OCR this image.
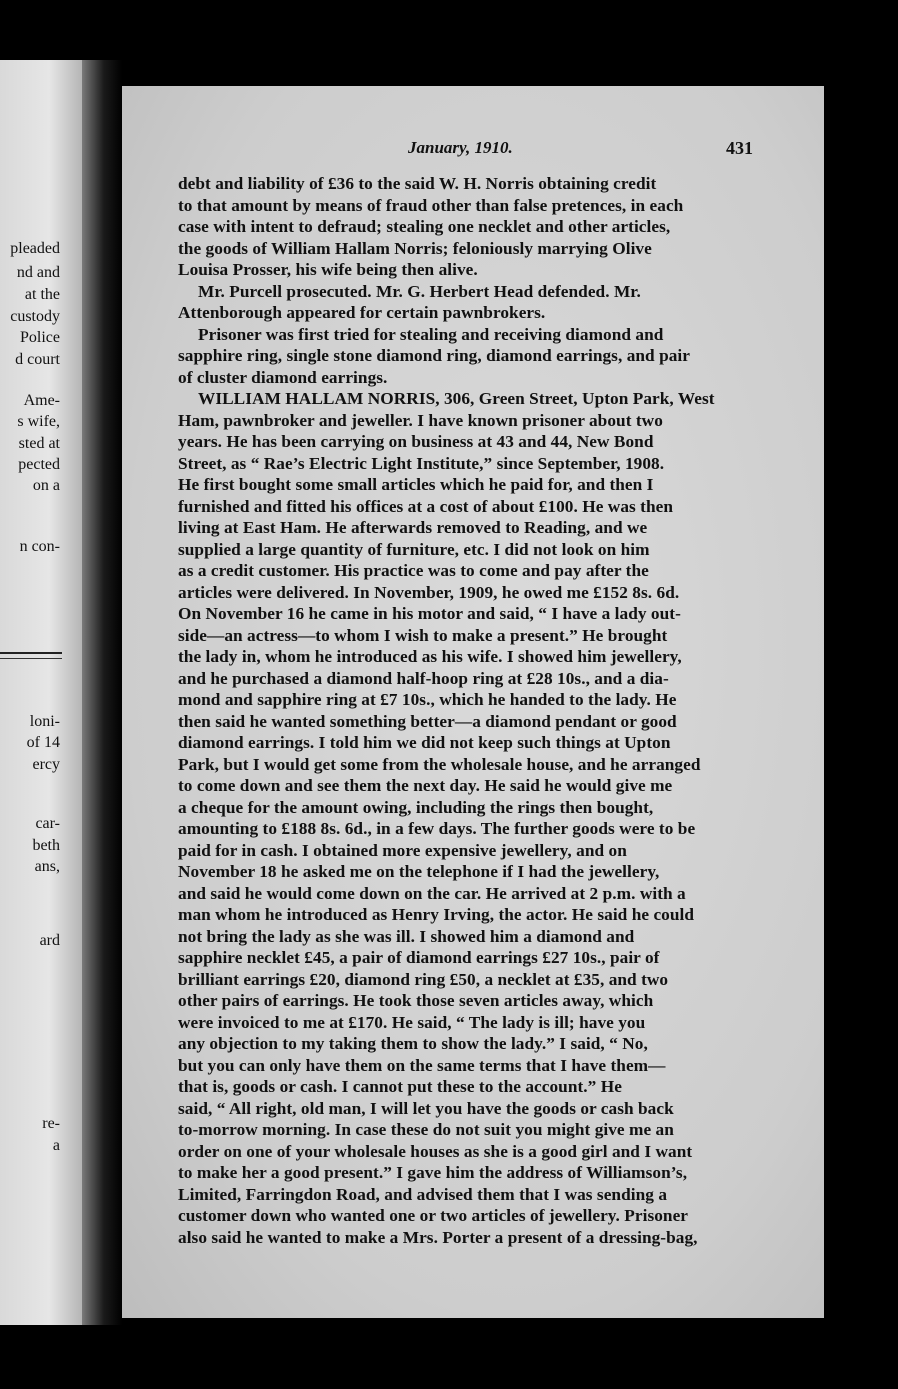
pleaded
nd and
at the
custody
Police
d court
Ame-
s wife,
sted at
pected
on a
n con-
loni-
of 14
ercy
car-
beth
ans,
ard
re-
a
January, 1910.	431
debt and liability of £36 to the said W. H. Norris obtaining credit
to that amount by means of fraud other than false pretences, in each
case with intent to defraud; stealing one necklet and other articles,
the goods of William Hallam Norris; feloniously marrying Olive
Louisa Prosser, his wife being then alive.
Mr. Purcell prosecuted. Mr. G. Herbert Head defended. Mr.
Attenborough appeared for certain pawnbrokers.
Prisoner was first tried for stealing and receiving diamond and
sapphire ring, single stone diamond ring, diamond earrings, and pair
of cluster diamond earrings.
WILLIAM HALLAM NORRIS, 306, Green Street, Upton Park, West
Ham, pawnbroker and jeweller. I have known prisoner about two
years. He has been carrying on business at 43 and 44, New Bond
Street, as “ Rae’s Electric Light Institute,” since September, 1908.
He first bought some small articles which he paid for, and then I
furnished and fitted his offices at a cost of about £100. He was then
living at East Ham. He afterwards removed to Reading, and we
supplied a large quantity of furniture, etc. I did not look on him
as a credit customer. His practice was to come and pay after the
articles were delivered. In November, 1909, he owed me £152 8s. 6d.
On November 16 he came in his motor and said, “ I have a lady out-
side—an actress—to whom I wish to make a present.” He brought
the lady in, whom he introduced as his wife. I showed him jewellery,
and he purchased a diamond half-hoop ring at £28 10s., and a dia-
mond and sapphire ring at £7 10s., which he handed to the lady. He
then said he wanted something better—a diamond pendant or good
diamond earrings. I told him we did not keep such things at Upton
Park, but I would get some from the wholesale house, and he arranged
to come down and see them the next day. He said he would give me
a cheque for the amount owing, including the rings then bought,
amounting to £188 8s. 6d., in a few days. The further goods were to be
paid for in cash. I obtained more expensive jewellery, and on
November 18 he asked me on the telephone if I had the jewellery,
and said he would come down on the car. He arrived at 2 p.m. with a
man whom he introduced as Henry Irving, the actor. He said he could
not bring the lady as she was ill. I showed him a diamond and
sapphire necklet £45, a pair of diamond earrings £27 10s., pair of
brilliant earrings £20, diamond ring £50, a necklet at £35, and two
other pairs of earrings. He took those seven articles away, which
were invoiced to me at £170. He said, “ The lady is ill; have you
any objection to my taking them to show the lady.” I said, “ No,
but you can only have them on the same terms that I have them—
that is, goods or cash. I cannot put these to the account.” He
said, “ All right, old man, I will let you have the goods or cash back
to-morrow morning. In case these do not suit you might give me an
order on one of your wholesale houses as she is a good girl and I want
to make her a good present.” I gave him the address of Williamson’s,
Limited, Farringdon Road, and advised them that I was sending a
customer down who wanted one or two articles of jewellery. Prisoner
also said he wanted to make a Mrs. Porter a present of a dressing-bag,
